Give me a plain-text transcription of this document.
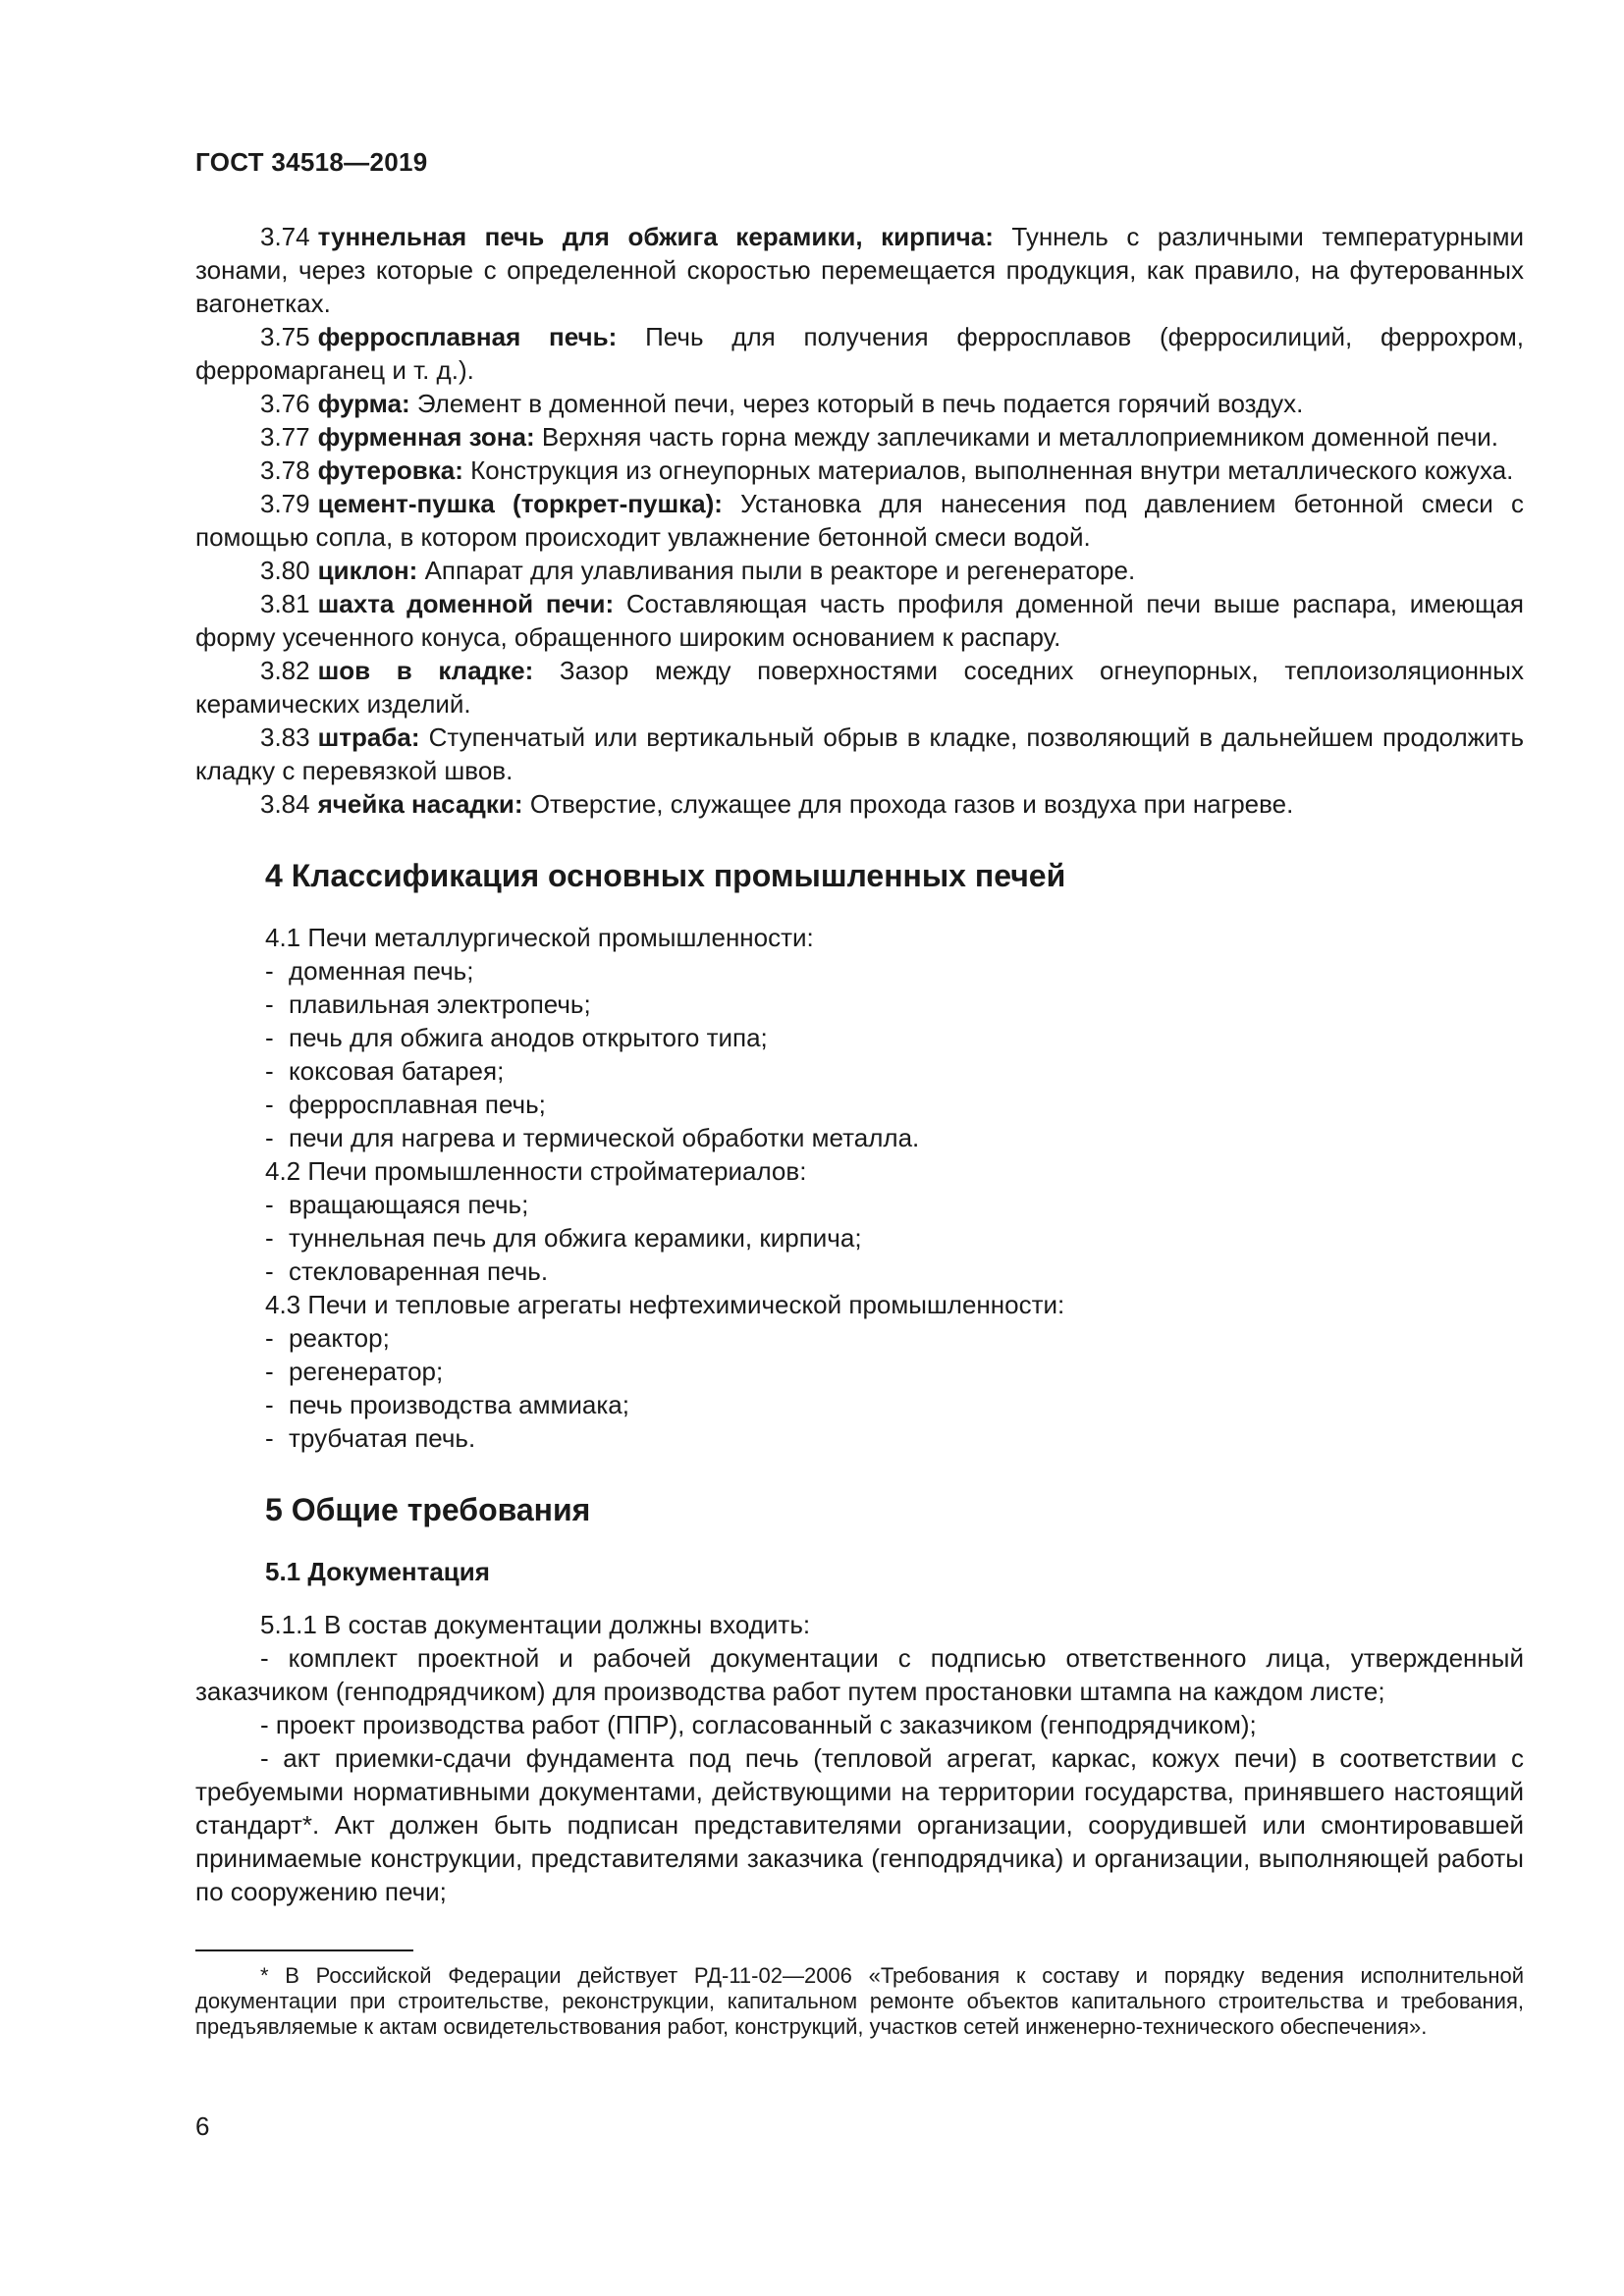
ГОСТ 34518—2019

3.74 туннельная печь для обжига керамики, кирпича: Туннель с различными температурными зонами, через которые с определенной скоростью перемещается продукция, как правило, на футерованных вагонетках.

3.75 ферросплавная печь: Печь для получения ферросплавов (ферросилиций, феррохром, ферромарганец и т. д.).

3.76 фурма: Элемент в доменной печи, через который в печь подается горячий воздух.

3.77 фурменная зона: Верхняя часть горна между заплечиками и металлоприемником доменной печи.

3.78 футеровка: Конструкция из огнеупорных материалов, выполненная внутри металлического кожуха.

3.79 цемент-пушка (торкрет-пушка): Установка для нанесения под давлением бетонной смеси с помощью сопла, в котором происходит увлажнение бетонной смеси водой.

3.80 циклон: Аппарат для улавливания пыли в реакторе и регенераторе.

3.81 шахта доменной печи: Составляющая часть профиля доменной печи выше распара, имеющая форму усеченного конуса, обращенного широким основанием к распару.

3.82 шов в кладке: Зазор между поверхностями соседних огнеупорных, теплоизоляционных керамических изделий.

3.83 штраба: Ступенчатый или вертикальный обрыв в кладке, позволяющий в дальнейшем продолжить кладку с перевязкой швов.

3.84 ячейка насадки: Отверстие, служащее для прохода газов и воздуха при нагреве.

4 Классификация основных промышленных печей
4.1 Печи металлургической промышленности:
- доменная печь;
- плавильная электропечь;
- печь для обжига анодов открытого типа;
- коксовая батарея;
- ферросплавная печь;
- печи для нагрева и термической обработки металла.
4.2 Печи промышленности стройматериалов:
- вращающаяся печь;
- туннельная печь для обжига керамики, кирпича;
- стекловаренная печь.
4.3 Печи и тепловые агрегаты нефтехимической промышленности:
- реактор;
- регенератор;
- печь производства аммиака;
- трубчатая печь.
5 Общие требования
5.1 Документация

5.1.1 В состав документации должны входить:

- комплект проектной и рабочей документации с подписью ответственного лица, утвержденный заказчиком (генподрядчиком) для производства работ путем простановки штампа на каждом листе;

- проект производства работ (ППР), согласованный с заказчиком (генподрядчиком);

- акт приемки-сдачи фундамента под печь (тепловой агрегат, каркас, кожух печи) в соответствии с требуемыми нормативными документами, действующими на территории государства, принявшего настоящий стандарт*. Акт должен быть подписан представителями организации, соорудившей или смонтировавшей принимаемые конструкции, представителями заказчика (генподрядчика) и организации, выполняющей работы по сооружению печи;

* В Российской Федерации действует РД-11-02—2006 «Требования к составу и порядку ведения исполнительной документации при строительстве, реконструкции, капитальном ремонте объектов капитального строительства и требования, предъявляемые к актам освидетельствования работ, конструкций, участков сетей инженерно-технического обеспечения».
6
